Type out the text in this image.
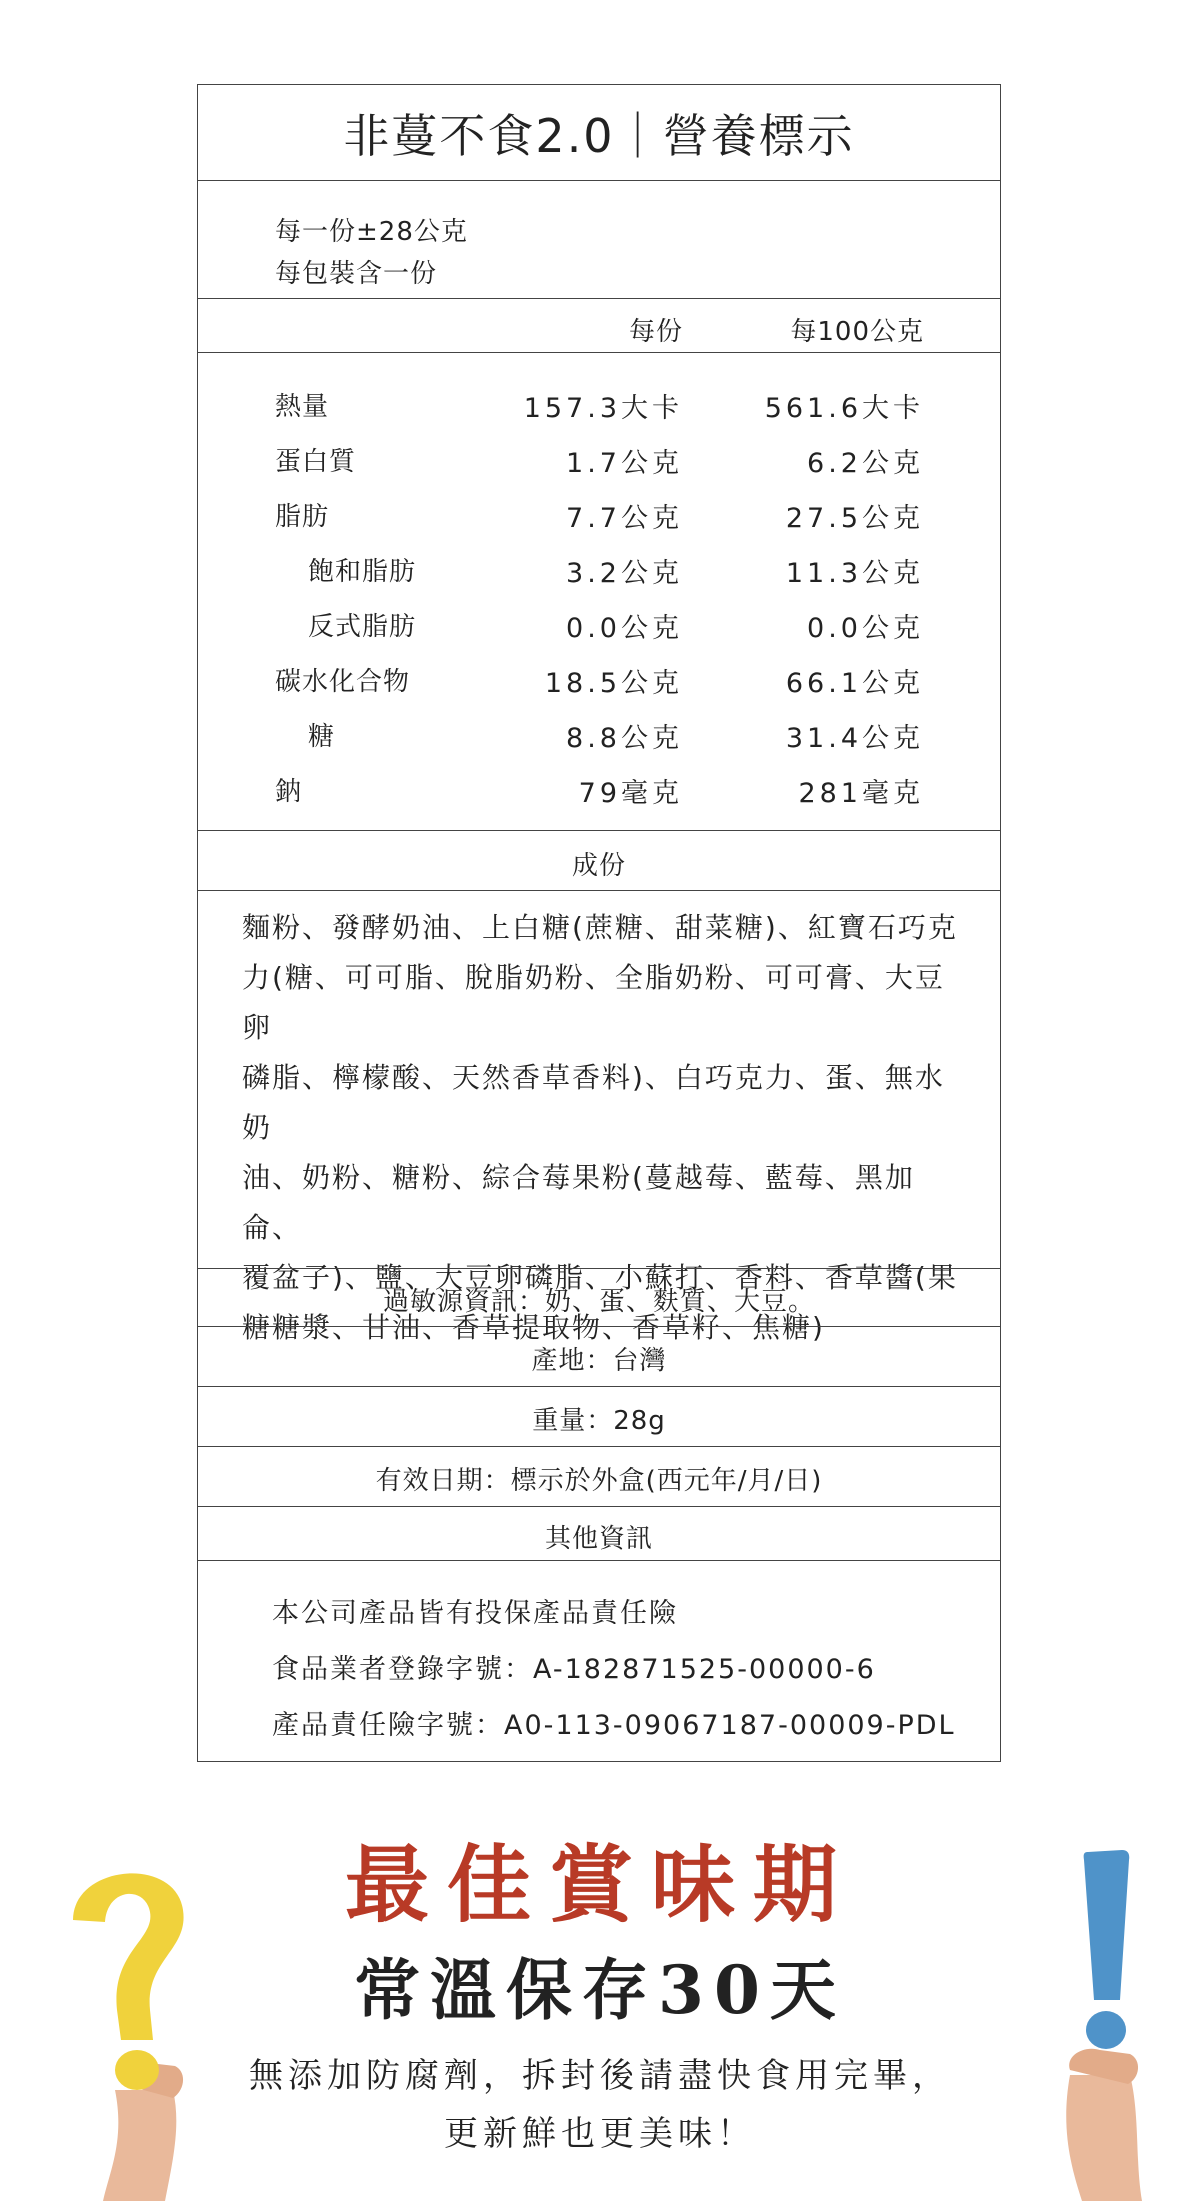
非蔓不食2.0｜營養標示
每一份±28公克
每包裝含一份
每份	每100公克
熱量	157.3大卡	561.6大卡
蛋白質	1.7公克	6.2公克
脂肪	7.7公克	27.5公克
飽和脂肪	3.2公克	11.3公克
反式脂肪	0.0公克	0.0公克
碳水化合物	18.5公克	66.1公克
糖	8.8公克	31.4公克
鈉	79毫克	281毫克
成份
麵粉、發酵奶油、上白糖(蔗糖、甜菜糖)、紅寶石巧克
力(糖、可可脂、脫脂奶粉、全脂奶粉、可可膏、大豆卵
磷脂、檸檬酸、天然香草香料)、白巧克力、蛋、無水奶
油、奶粉、糖粉、綜合莓果粉(蔓越莓、藍莓、黑加侖、
覆盆子)、鹽、大豆卵磷脂、小蘇打、香料、香草醬(果
糖糖漿、甘油、香草提取物、香草籽、焦糖)
過敏源資訊：奶、蛋、麩質、大豆。
產地：台灣
重量：28g
有效日期：標示於外盒(西元年/月/日)
其他資訊
本公司產品皆有投保產品責任險
食品業者登錄字號：A-182871525-00000-6
產品責任險字號：A0-113-09067187-00009-PDL
最佳賞味期
常溫保存30天
無添加防腐劑，拆封後請盡快食用完畢，
更新鮮也更美味！
